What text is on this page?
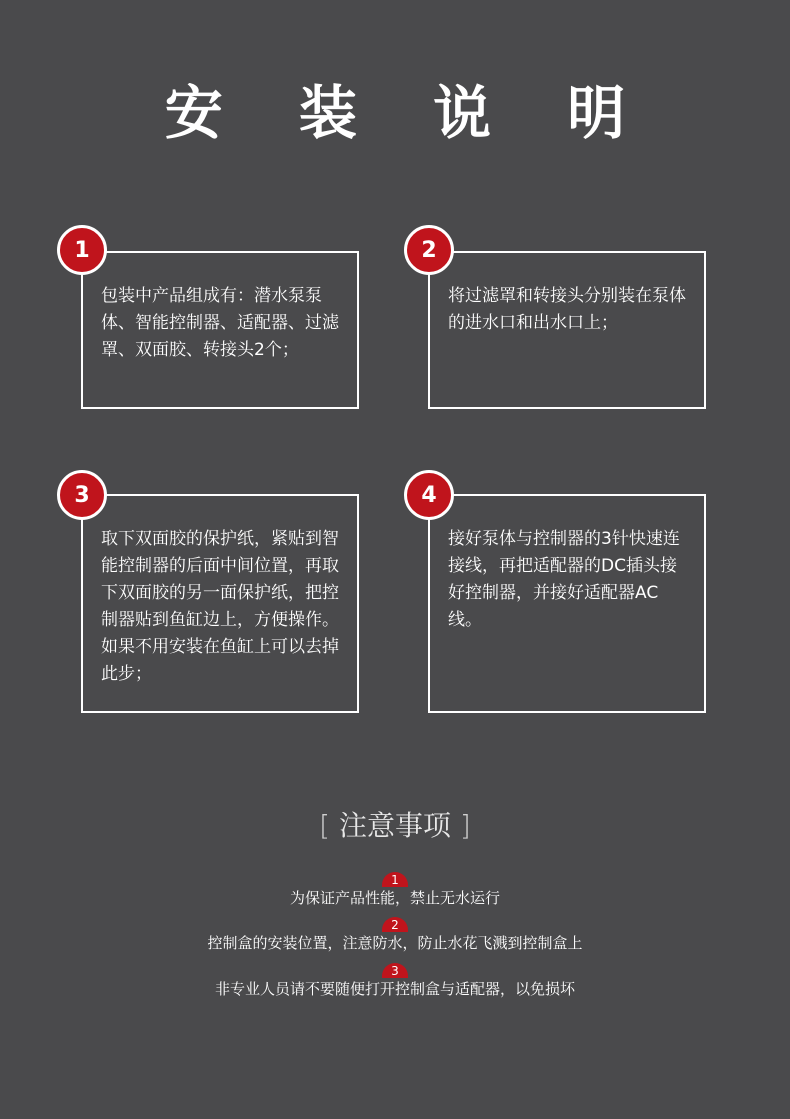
安 装 说 明
包装中产品组成有：潜水泵泵体、智能控制器、适配器、过滤罩、双面胶、转接头2个；
1
将过滤罩和转接头分别装在泵体的进水口和出水口上；
2
取下双面胶的保护纸，紧贴到智能控制器的后面中间位置，再取下双面胶的另一面保护纸，把控制器贴到鱼缸边上，方便操作。如果不用安装在鱼缸上可以去掉此步；
3
接好泵体与控制器的3针快速连接线，再把适配器的DC插头接好控制器，并接好适配器AC线。
4
[ 注意事项 ]
1
为保证产品性能，禁止无水运行
2
控制盒的安装位置，注意防水，防止水花飞溅到控制盒上
3
非专业人员请不要随便打开控制盒与适配器，以免损坏
